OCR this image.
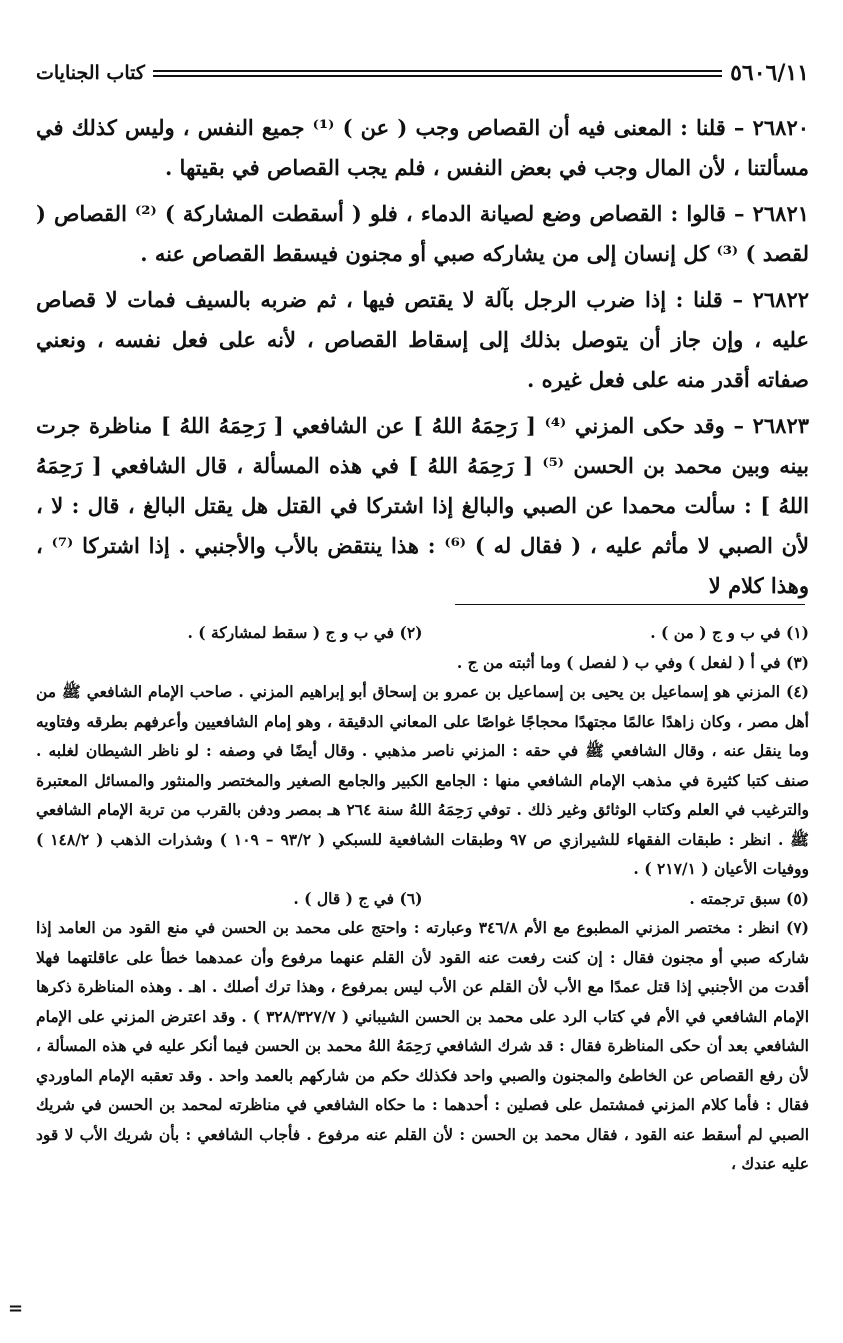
٥٦٠٦/١١
كتاب الجنايات

٢٦٨٢٠ – قلنا : المعنى فيه أن القصاص وجب ( عن ) ⁽¹⁾ جميع النفس ، وليس كذلك في مسألتنا ، لأن المال وجب في بعض النفس ، فلم يجب القصاص في بقيتها .

٢٦٨٢١ – قالوا : القصاص وضع لصيانة الدماء ، فلو ( أسقطت المشاركة ) ⁽²⁾ القصاص ( لقصد ) ⁽³⁾ كل إنسان إلى من يشاركه صبي أو مجنون فيسقط القصاص عنه .

٢٦٨٢٢ – قلنا : إذا ضرب الرجل بآلة لا يقتص فيها ، ثم ضربه بالسيف فمات لا قصاص عليه ، وإن جاز أن يتوصل بذلك إلى إسقاط القصاص ، لأنه على فعل نفسه ، ونعني صفاته أقدر منه على فعل غيره .

٢٦٨٢٣ – وقد حكى المزني ⁽⁴⁾ [ رَحِمَهُ اللهُ ] عن الشافعي [ رَحِمَهُ اللهُ ] مناظرة جرت بينه وبين محمد بن الحسن ⁽⁵⁾ [ رَحِمَهُ اللهُ ] في هذه المسألة ، قال الشافعي [ رَحِمَهُ اللهُ ] : سألت محمدا عن الصبي والبالغ إذا اشتركا في القتل هل يقتل البالغ ، قال : لا ، لأن الصبي لا مأثم عليه ، ( فقال له ) ⁽⁶⁾ : هذا ينتقض بالأب والأجنبي . إذا اشتركا ⁽⁷⁾ ، وهذا كلام لا

(١) في ب و ج ( من ) .
(٢) في ب و ج ( سقط لمشاركة ) .

(٣) في أ ( لفعل ) وفي ب ( لفصل ) وما أثبته من ج .

(٤) المزني هو إسماعيل بن يحيى بن إسماعيل بن عمرو بن إسحاق أبو إبراهيم المزني . صاحب الإمام الشافعي ﷺ من أهل مصر ، وكان زاهدًا عالمًا مجتهدًا محجاجًا غواصًا على المعاني الدقيقة ، وهو إمام الشافعيين وأعرفهم بطرقه وفتاويه وما ينقل عنه ، وقال الشافعي ﷺ في حقه : المزني ناصر مذهبي . وقال أيضًا في وصفه : لو ناظر الشيطان لغلبه . صنف كتبا كثيرة في مذهب الإمام الشافعي منها : الجامع الكبير والجامع الصغير والمختصر والمنثور والمسائل المعتبرة والترغيب في العلم وكتاب الوثائق وغير ذلك . توفي رَحِمَهُ اللهُ سنة ٢٦٤ هـ بمصر ودفن بالقرب من تربة الإمام الشافعي ﷺ . انظر : طبقات الفقهاء للشيرازي ص ٩٧ وطبقات الشافعية للسبكي ( ٩٣/٢ – ١٠٩ ) وشذرات الذهب ( ١٤٨/٢ ) ووفيات الأعيان ( ٢١٧/١ ) .

(٥) سبق ترجمته .
(٦) في ج ( قال ) .

(٧) انظر : مختصر المزني المطبوع مع الأم ٣٤٦/٨ وعبارته : واحتج على محمد بن الحسن في منع القود من العامد إذا شاركه صبي أو مجنون فقال : إن كنت رفعت عنه القود لأن القلم عنهما مرفوع وأن عمدهما خطأ على عاقلتهما فهلا أقدت من الأجنبي إذا قتل عمدًا مع الأب لأن القلم عن الأب ليس بمرفوع ، وهذا ترك أصلك . اهـ . وهذه المناظرة ذكرها الإمام الشافعي في الأم في كتاب الرد على محمد بن الحسن الشيباني ( ٣٢٨/٣٢٧/٧ ) . وقد اعترض المزني على الإمام الشافعي بعد أن حكى المناظرة فقال : قد شرك الشافعي رَحِمَهُ اللهُ محمد بن الحسن فيما أنكر عليه في هذه المسألة ، لأن رفع القصاص عن الخاطئ والمجنون والصبي واحد فكذلك حكم من شاركهم بالعمد واحد . وقد تعقبه الإمام الماوردي فقال : فأما كلام المزني فمشتمل على فصلين : أحدهما : ما حكاه الشافعي في مناظرته لمحمد بن الحسن في شريك الصبي لم أسقط عنه القود ، فقال محمد بن الحسن : لأن القلم عنه مرفوع . فأجاب الشافعي : بأن شريك الأب لا قود عليه عندك ،

=
